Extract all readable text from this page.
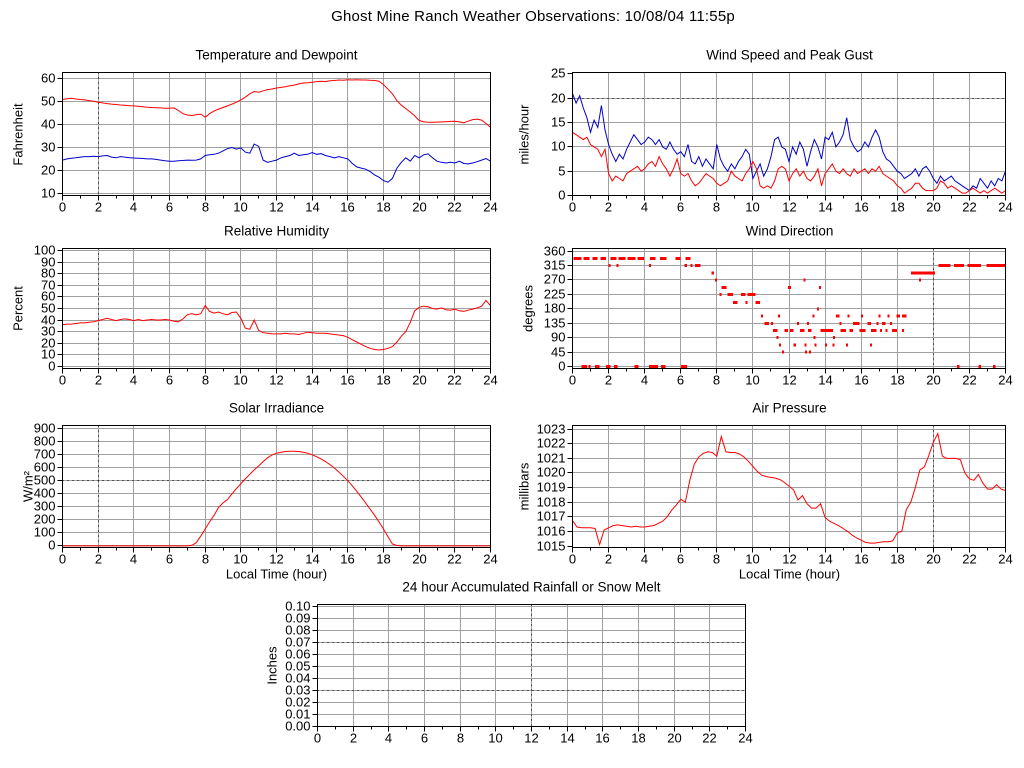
Ghost Mine Ranch Weather Observations: 10/08/04 11:55p
0 2 4 6 8 10 12 14 16 18 20 22 24
10
20
30
40
50
60
Temperature and Dewpoint
Fahrenheit
0 2 4 6 8 10 12 14 16 18 20 22 24
0
5
10
15
20
25
Wind Speed and Peak Gust
miles/hour
0 2 4 6 8 10 12 14 16 18 20 22 24
0
10
20
30
40
50
60
70
80
90
100
Relative Humidity
Percent
0 2 4 6 8 10 12 14 16 18 20 22 24
0
45
90
135
180
225
270
315
360
Wind Direction
degrees
0 2 4 6 8 10 12 14 16 18 20 22 24
0
100
200
300
400
500
600
700
800
900
Solar Irradiance
Local Time (hour)
W/m²
0 2 4 6 8 10 12 14 16 18 20 22 24
1015
1016
1017
1018
1019
1020
1021
1022
1023
Air Pressure
Local Time (hour)
millibars
0 2 4 6 8 10 12 14 16 18 20 22 24
0.00
0.01
0.02
0.03
0.04
0.05
0.06
0.07
0.08
0.09
0.10
24 hour Accumulated Rainfall or Snow Melt
Inches
